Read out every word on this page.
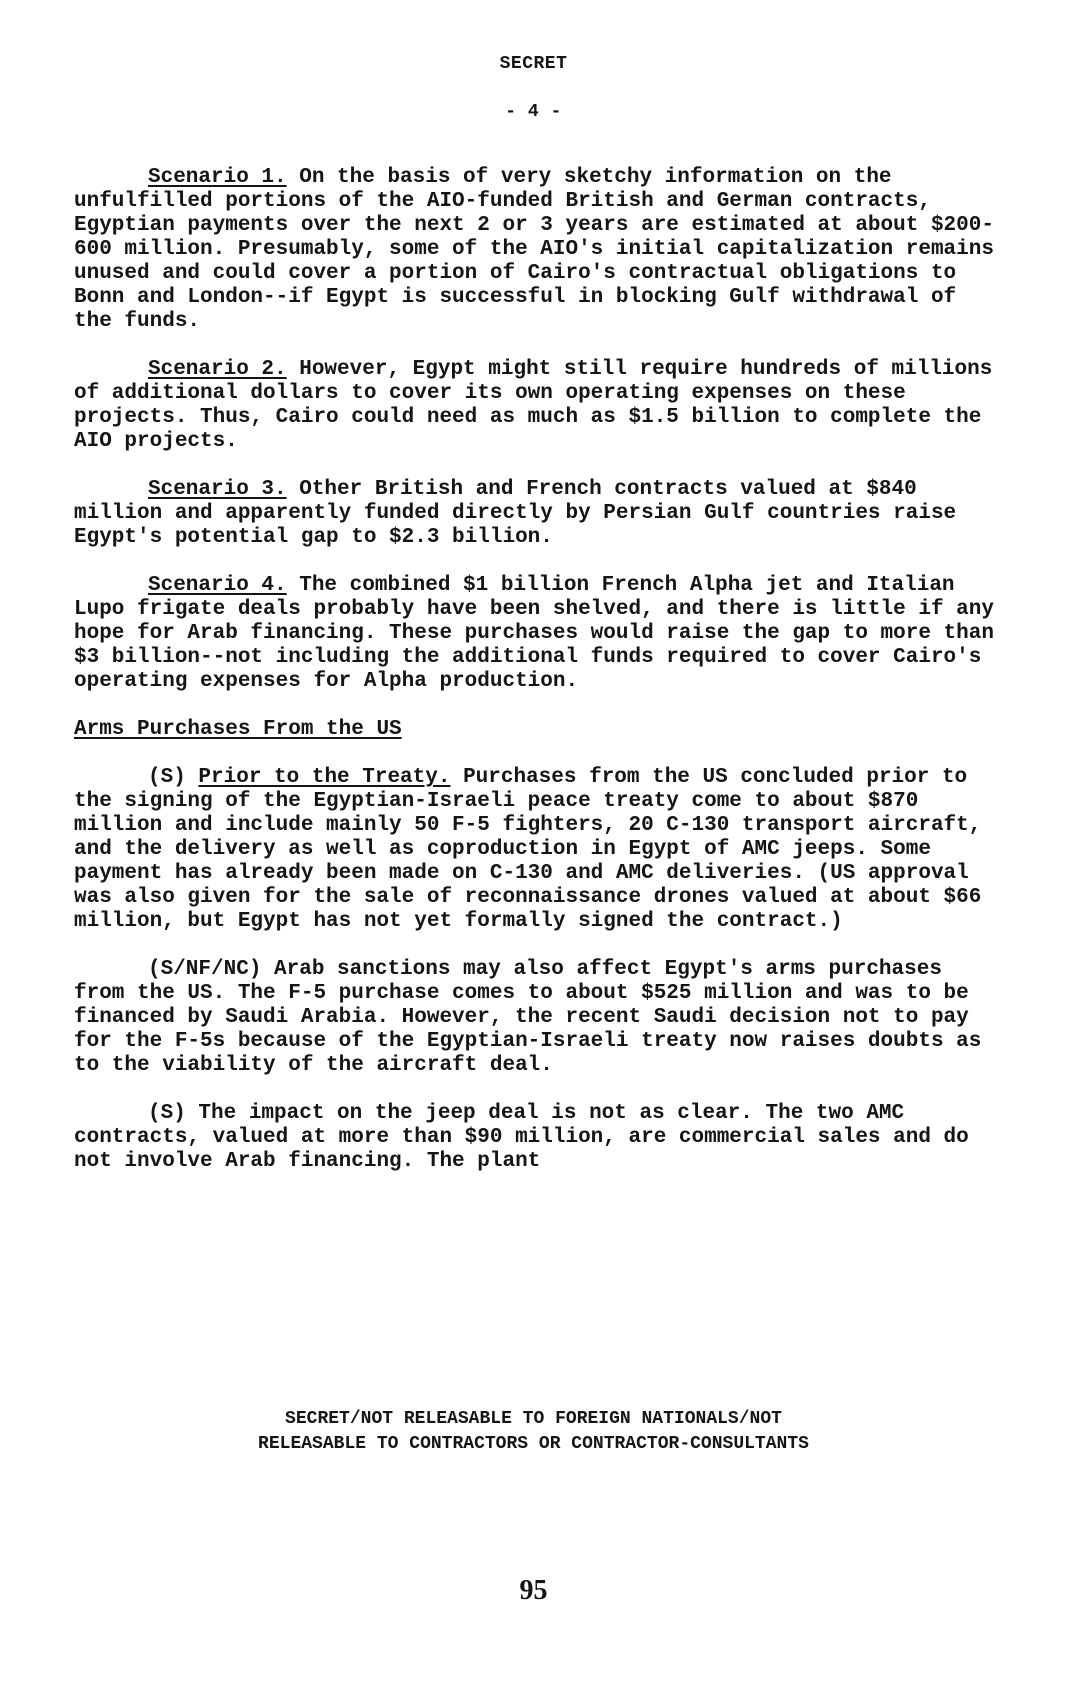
SECRET
- 4 -

Scenario 1. On the basis of very sketchy information on the unfulfilled portions of the AIO-funded British and German contracts, Egyptian payments over the next 2 or 3 years are estimated at about $200-600 million. Presumably, some of the AIO's initial capitalization remains unused and could cover a portion of Cairo's contractual obligations to Bonn and London--if Egypt is successful in blocking Gulf withdrawal of the funds.

Scenario 2. However, Egypt might still require hundreds of millions of additional dollars to cover its own operating expenses on these projects. Thus, Cairo could need as much as $1.5 billion to complete the AIO projects.

Scenario 3. Other British and French contracts valued at $840 million and apparently funded directly by Persian Gulf countries raise Egypt's potential gap to $2.3 billion.

Scenario 4. The combined $1 billion French Alpha jet and Italian Lupo frigate deals probably have been shelved, and there is little if any hope for Arab financing. These purchases would raise the gap to more than $3 billion--not including the additional funds required to cover Cairo's operating expenses for Alpha production.

Arms Purchases From the US

(S) Prior to the Treaty. Purchases from the US concluded prior to the signing of the Egyptian-Israeli peace treaty come to about $870 million and include mainly 50 F-5 fighters, 20 C-130 transport aircraft, and the delivery as well as coproduction in Egypt of AMC jeeps. Some payment has already been made on C-130 and AMC deliveries. (US approval was also given for the sale of reconnaissance drones valued at about $66 million, but Egypt has not yet formally signed the contract.)

(S/NF/NC) Arab sanctions may also affect Egypt's arms purchases from the US. The F-5 purchase comes to about $525 million and was to be financed by Saudi Arabia. However, the recent Saudi decision not to pay for the F-5s because of the Egyptian-Israeli treaty now raises doubts as to the viability of the aircraft deal.

(S) The impact on the jeep deal is not as clear. The two AMC contracts, valued at more than $90 million, are commercial sales and do not involve Arab financing. The plant

SECRET/NOT RELEASABLE TO FOREIGN NATIONALS/NOT
RELEASABLE TO CONTRACTORS OR CONTRACTOR-CONSULTANTS
95
